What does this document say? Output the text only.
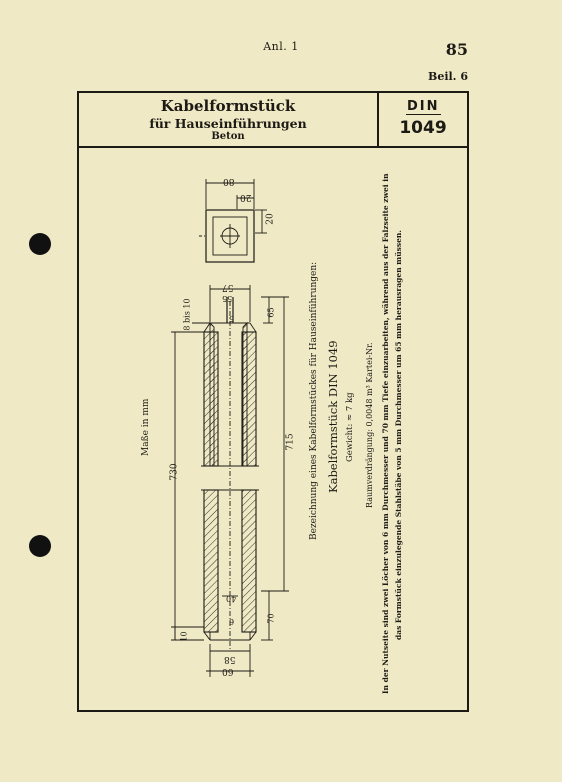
Anl. 1	85
Beil. 6
Kabelformstück
für Hauseinführungen
Beton
DIN
1049
80
20
20
57
55
5
8 bis 10	65
730
715
6
40
70
10
58
60
Maße in mm	Bezeichnung eines Kabelformstückes für Hauseinführungen: Kabelformstück DIN 1049 Gewicht: ≈ 7 kg Raumverdrängung: 0,0048 m³ Kartei-Nr. In der Nutseite sind zwei Löcher von 6 mm Durchmesser und 70 mm Tiefe einzuarbeiten, während aus der Falzseite zwei in das Formstück einzulegende Stahlstäbe von 5 mm Durchmesser um 65 mm herausragen müssen.
